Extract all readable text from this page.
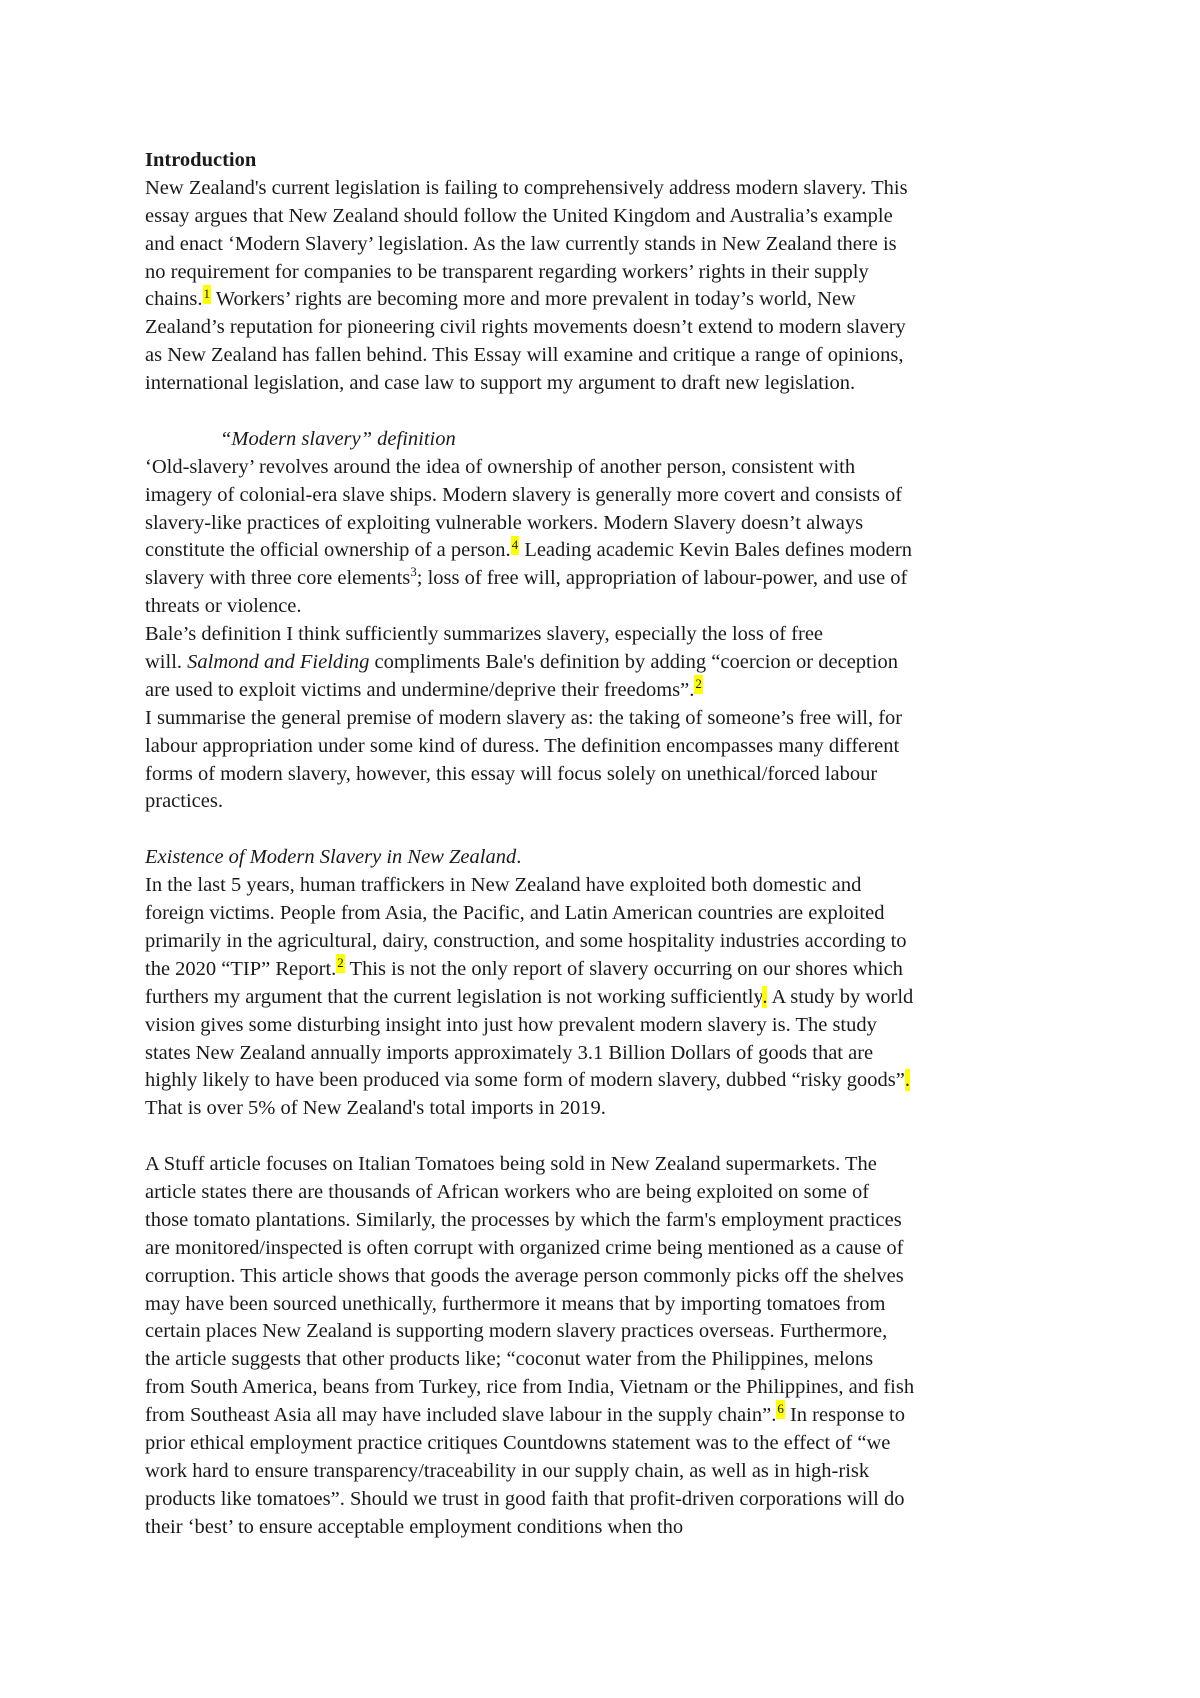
Introduction
New Zealand's current legislation is failing to comprehensively address modern slavery. This
essay argues that New Zealand should follow the United Kingdom and Australia’s example
and enact ‘Modern Slavery’ legislation. As the law currently stands in New Zealand there is
no requirement for companies to be transparent regarding workers’ rights in their supply
chains.$^1$ Workers’ rights are becoming more and more prevalent in today’s world, New
Zealand’s reputation for pioneering civil rights movements doesn’t extend to modern slavery
as New Zealand has fallen behind. This Essay will examine and critique a range of opinions,
international legislation, and case law to support my argument to draft new legislation.
“Modern slavery” definition
‘Old-slavery’ revolves around the idea of ownership of another person, consistent with
imagery of colonial-era slave ships. Modern slavery is generally more covert and consists of
slavery-like practices of exploiting vulnerable workers. Modern Slavery doesn’t always
constitute the official ownership of a person.$^4$ Leading academic Kevin Bales defines modern
slavery with three core elements$^3$; loss of free will, appropriation of labour-power, and use of
threats or violence.
Bale’s definition I think sufficiently summarizes slavery, especially the loss of free
will. Salmond and Fielding compliments Bale's definition by adding “coercion or deception
are used to exploit victims and undermine/deprive their freedoms”.$^2$
I summarise the general premise of modern slavery as: the taking of someone’s free will, for
labour appropriation under some kind of duress. The definition encompasses many different
forms of modern slavery, however, this essay will focus solely on unethical/forced labour
practices.
Existence of Modern Slavery in New Zealand.
In the last 5 years, human traffickers in New Zealand have exploited both domestic and
foreign victims. People from Asia, the Pacific, and Latin American countries are exploited
primarily in the agricultural, dairy, construction, and some hospitality industries according to
the 2020 “TIP” Report.$^2$ This is not the only report of slavery occurring on our shores which
furthers my argument that the current legislation is not working sufficiently. A study by world
vision gives some disturbing insight into just how prevalent modern slavery is. The study
states New Zealand annually imports approximately 3.1 Billion Dollars of goods that are
highly likely to have been produced via some form of modern slavery, dubbed “risky goods”.
That is over 5% of New Zealand's total imports in 2019.
A Stuff article focuses on Italian Tomatoes being sold in New Zealand supermarkets. The
article states there are thousands of African workers who are being exploited on some of
those tomato plantations. Similarly, the processes by which the farm's employment practices
are monitored/inspected is often corrupt with organized crime being mentioned as a cause of
corruption. This article shows that goods the average person commonly picks off the shelves
may have been sourced unethically, furthermore it means that by importing tomatoes from
certain places New Zealand is supporting modern slavery practices overseas. Furthermore,
the article suggests that other products like; “coconut water from the Philippines, melons
from South America, beans from Turkey, rice from India, Vietnam or the Philippines, and fish
from Southeast Asia all may have included slave labour in the supply chain”.$^6$ In response to
prior ethical employment practice critiques Countdowns statement was to the effect of “we
work hard to ensure transparency/traceability in our supply chain, as well as in high-risk
products like tomatoes”. Should we trust in good faith that profit-driven corporations will do
their ‘best’ to ensure acceptable employment conditions when tho
